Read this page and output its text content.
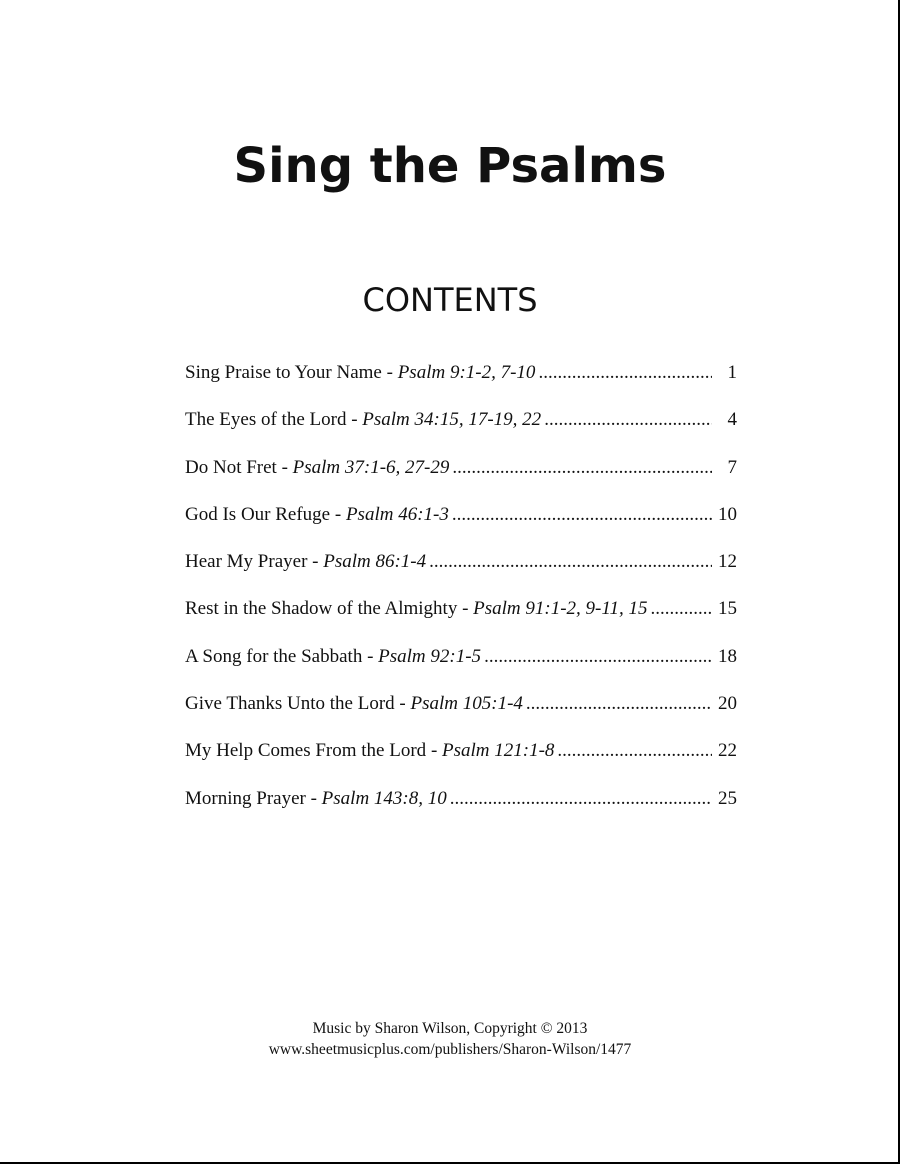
Sing the Psalms
CONTENTS
Sing Praise to Your Name - Psalm 9:1-2, 7-10 .....	1
The Eyes of the Lord - Psalm 34:15, 17-19, 22 .....	4
Do Not Fret - Psalm 37:1-6, 27-29 .....	7
God Is Our Refuge - Psalm 46:1-3 .....	10
Hear My Prayer - Psalm 86:1-4 .....	12
Rest in the Shadow of the Almighty - Psalm 91:1-2, 9-11, 15 .....	15
A Song for the Sabbath - Psalm 92:1-5 .....	18
Give Thanks Unto the Lord - Psalm 105:1-4 .....	20
My Help Comes From the Lord - Psalm 121:1-8 .....	22
Morning Prayer - Psalm 143:8, 10 .....	25
Music by Sharon Wilson, Copyright © 2013
www.sheetmusicplus.com/publishers/Sharon-Wilson/1477
